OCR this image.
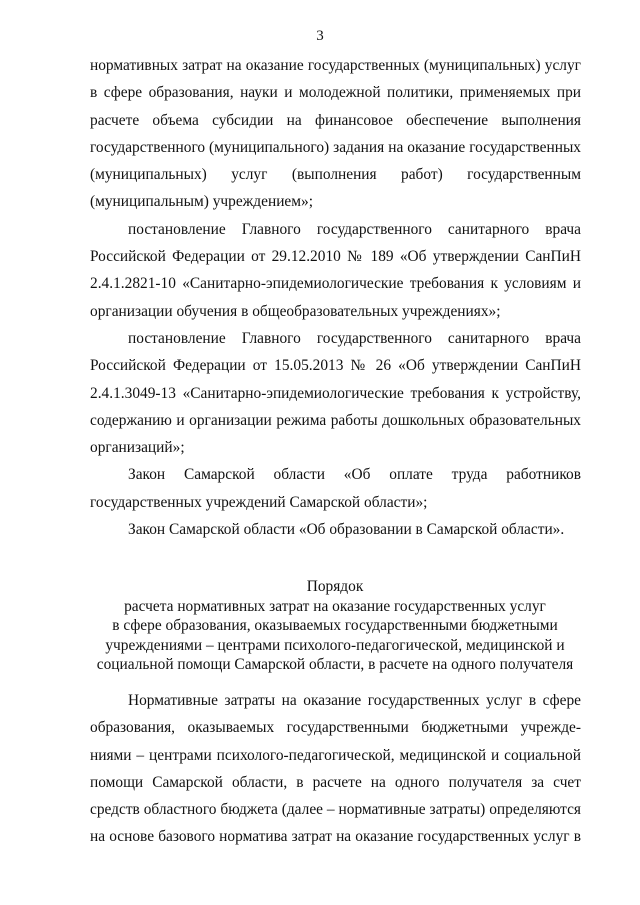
3

нормативных затрат на оказание государственных (муниципальных) услуг
в сфере образования, науки и молодежной политики, применяемых при
расчете объема субсидии на финансовое обеспечение выполнения
государственного (муниципального) задания на оказание государственных
(муниципальных) услуг (выполнения работ) государственным
(муниципальным) учреждением»;

постановление Главного государственного санитарного врача
Российской Федерации от 29.12.2010 № 189 «Об утверждении СанПиН
2.4.1.2821-10 «Санитарно-эпидемиологические требования к условиям и
организации обучения в общеобразовательных учреждениях»;

постановление Главного государственного санитарного врача
Российской Федерации от 15.05.2013 № 26 «Об утверждении СанПиН
2.4.1.3049-13 «Санитарно-эпидемиологические требования к устройству,
содержанию и организации режима работы дошкольных образовательных
организаций»;

Закон Самарской области «Об оплате труда работников
государственных учреждений Самарской области»;

Закон Самарской области «Об образовании в Самарской области».

Порядок
расчета нормативных затрат на оказание государственных услуг
в сфере образования, оказываемых государственными бюджетными
учреждениями – центрами психолого-педагогической, медицинской и
социальной помощи Самарской области, в расчете на одного получателя

Нормативные затраты на оказание государственных услуг в сфере
образования, оказываемых государственными бюджетными учрежде-
ниями – центрами психолого-педагогической, медицинской и социальной
помощи Самарской области, в расчете на одного получателя за счет
средств областного бюджета (далее – нормативные затраты) определяются
на основе базового норматива затрат на оказание государственных услуг в
